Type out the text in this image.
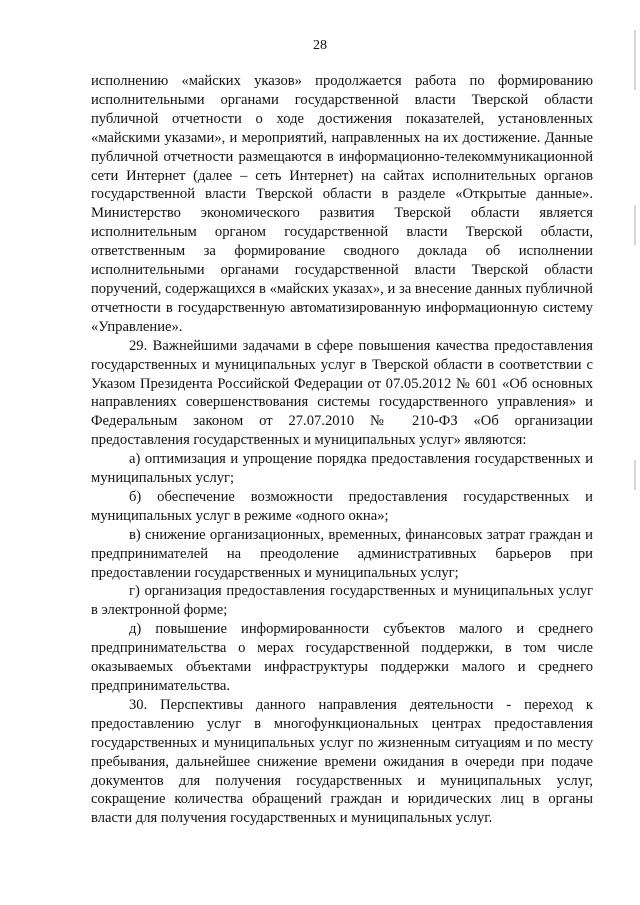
28

исполнению «майских указов» продолжается работа по формированию исполнительными органами государственной власти Тверской области публичной отчетности о ходе достижения показателей, установленных «майскими указами», и мероприятий, направленных на их достижение. Данные публичной отчетности размещаются в информационно-телекоммуникационной сети Интернет (далее – сеть Интернет) на сайтах исполнительных органов государственной власти Тверской области в разделе «Открытые данные». Министерство экономического развития Тверской области является исполнительным органом государственной власти Тверской области, ответственным за формирование сводного доклада об исполнении исполнительными органами государственной власти Тверской области поручений, содержащихся в «майских указах», и за внесение данных публичной отчетности в государственную автоматизированную информационную систему «Управление».

29. Важнейшими задачами в сфере повышения качества предоставления государственных и муниципальных услуг в Тверской области в соответствии с Указом Президента Российской Федерации от 07.05.2012 № 601 «Об основных направлениях совершенствования системы государственного управления» и Федеральным законом от 27.07.2010 № 210-ФЗ «Об организации предоставления государственных и муниципальных услуг» являются:

а) оптимизация и упрощение порядка предоставления государственных и муниципальных услуг;

б) обеспечение возможности предоставления государственных и муниципальных услуг в режиме «одного окна»;

в) снижение организационных, временных, финансовых затрат граждан и предпринимателей на преодоление административных барьеров при предоставлении государственных и муниципальных услуг;

г) организация предоставления государственных и муниципальных услуг в электронной форме;

д) повышение информированности субъектов малого и среднего предпринимательства о мерах государственной поддержки, в том числе оказываемых объектами инфраструктуры поддержки малого и среднего предпринимательства.

30. Перспективы данного направления деятельности - переход к предоставлению услуг в многофункциональных центрах предоставления государственных и муниципальных услуг по жизненным ситуациям и по месту пребывания, дальнейшее снижение времени ожидания в очереди при подаче документов для получения государственных и муниципальных услуг, сокращение количества обращений граждан и юридических лиц в органы власти для получения государственных и муниципальных услуг.
